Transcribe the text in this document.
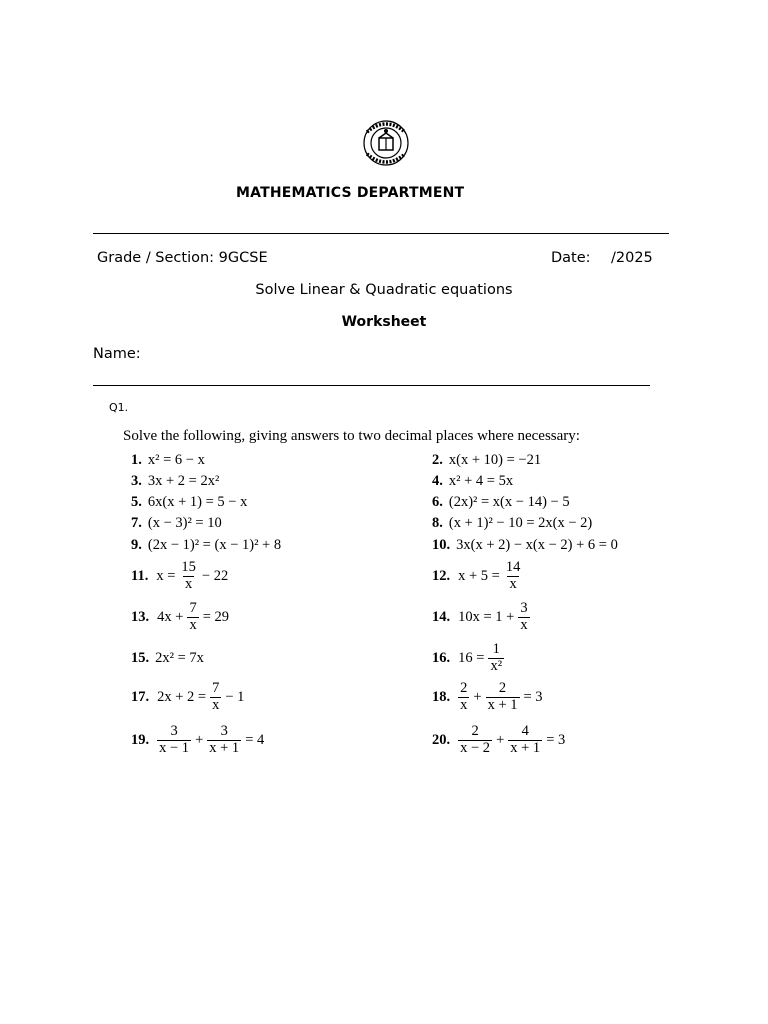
MATHEMATICS DEPARTMENT
Grade / Section: 9GCSE	Date: /2025
Solve Linear & Quadratic equations
Worksheet
Name:
Q1.
Solve the following, giving answers to two decimal places where necessary:
1. x² = 6 − x	2. x(x + 10) = −21
3. 3x + 2 = 2x²	4. x² + 4 = 5x
5. 6x(x + 1) = 5 − x	6. (2x)² = x(x − 14) − 5
7. (x − 3)² = 10	8. (x + 1)² − 10 = 2x(x − 2)
9. (2x − 1)² = (x − 1)² + 8	10. 3x(x + 2) − x(x − 2) + 6 = 0
11. $x = \frac{15}{x} - 22$	12. $x + 5 = \frac{14}{x}$
13. $4x + \frac{7}{x} = 29$	14. $10x = 1 + \frac{3}{x}$
15. 2x² = 7x	16. $16 = \frac{1}{\text{x²}}$
17. $2x + 2 = \frac{7}{x} - 1$	18. $\frac{2}{x} + \frac{2}{x + 1} = 3$
19. $\frac{3}{x - 1} + \frac{3}{x + 1} = 4$	20. $\frac{2}{x - 2} + \frac{4}{x + 1} = 3$
